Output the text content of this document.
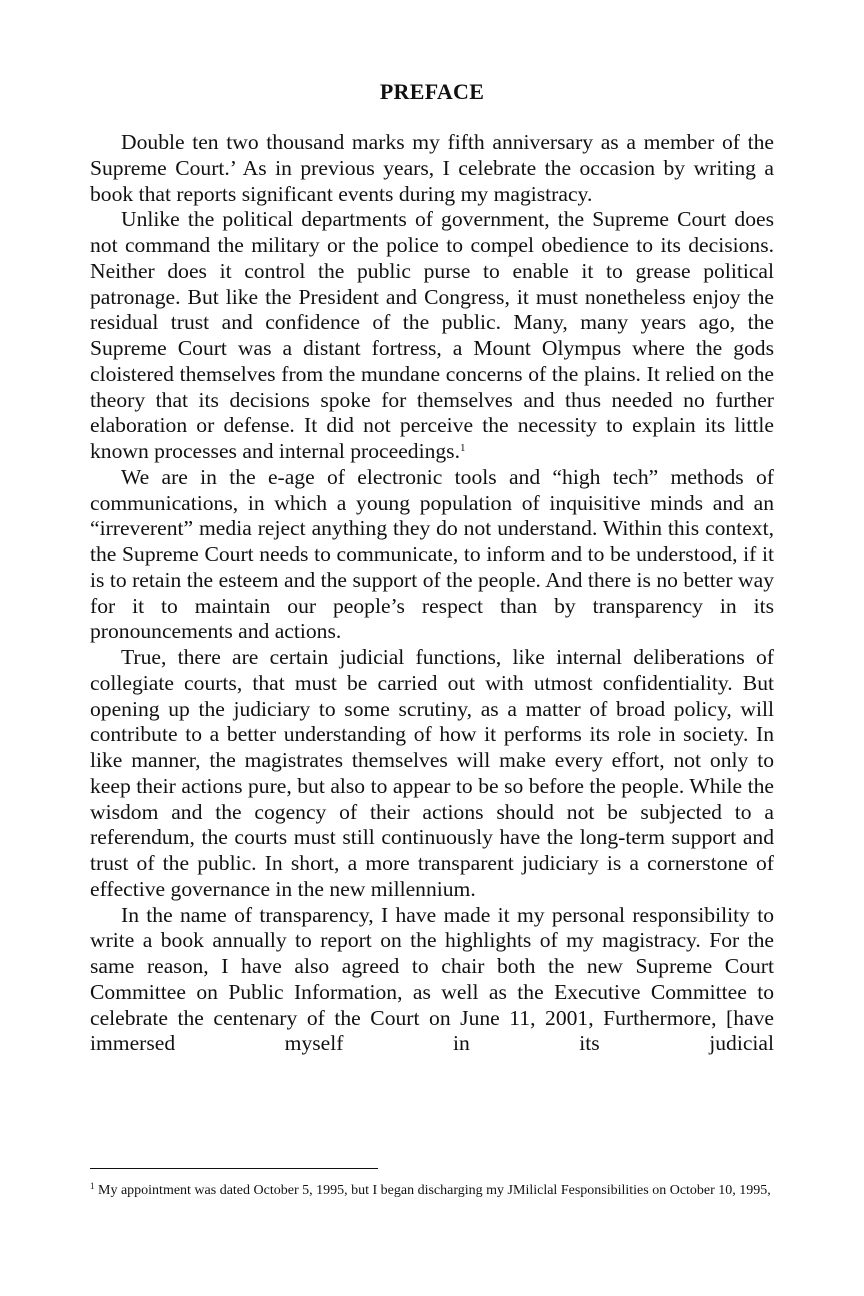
PREFACE

Double ten two thousand marks my fifth anniversary as a member of the Supreme Court.’ As in previous years, I celebrate the occasion by writing a book that reports significant events during my magistracy.

Unlike the political departments of government, the Supreme Court does not command the military or the police to compel obedience to its decisions. Neither does it control the public purse to enable it to grease political patronage. But like the President and Congress, it must nonetheless enjoy the residual trust and confidence of the public. Many, many years ago, the Supreme Court was a distant fortress, a Mount Olympus where the gods cloistered themselves from the mundane concerns of the plains. It relied on the theory that its decisions spoke for themselves and thus needed no further elaboration or defense. It did not perceive the necessity to explain its little known processes and internal proceedings.$^1$

We are in the e-age of electronic tools and “high tech” methods of communications, in which a young population of inquisitive minds and an “irreverent” media reject anything they do not understand. Within this context, the Supreme Court needs to communicate, to inform and to be understood, if it is to retain the esteem and the support of the people. And there is no better way for it to maintain our people’s respect than by transparency in its pronouncements and actions.

True, there are certain judicial functions, like internal deliberations of collegiate courts, that must be carried out with utmost confidentiality. But opening up the judiciary to some scrutiny, as a matter of broad policy, will contribute to a better understanding of how it performs its role in society. In like manner, the magistrates themselves will make every effort, not only to keep their actions pure, but also to appear to be so before the people. While the wisdom and the cogency of their actions should not be subjected to a referendum, the courts must still continuously have the long-term support and trust of the public. In short, a more transparent judiciary is a cornerstone of effective governance in the new millennium.

In the name of transparency, I have made it my personal responsibility to write a book annually to report on the highlights of my magistracy. For the same reason, I have also agreed to chair both the new Supreme Court Committee on Public Information, as well as the Executive Committee to celebrate the centenary of the Court on June 11, 2001, Furthermore, [have immersed myself in its judicial

$^1$ My appointment was dated October 5, 1995, but I began discharging my JMiliclal Fesponsibilities on October 10, 1995,
